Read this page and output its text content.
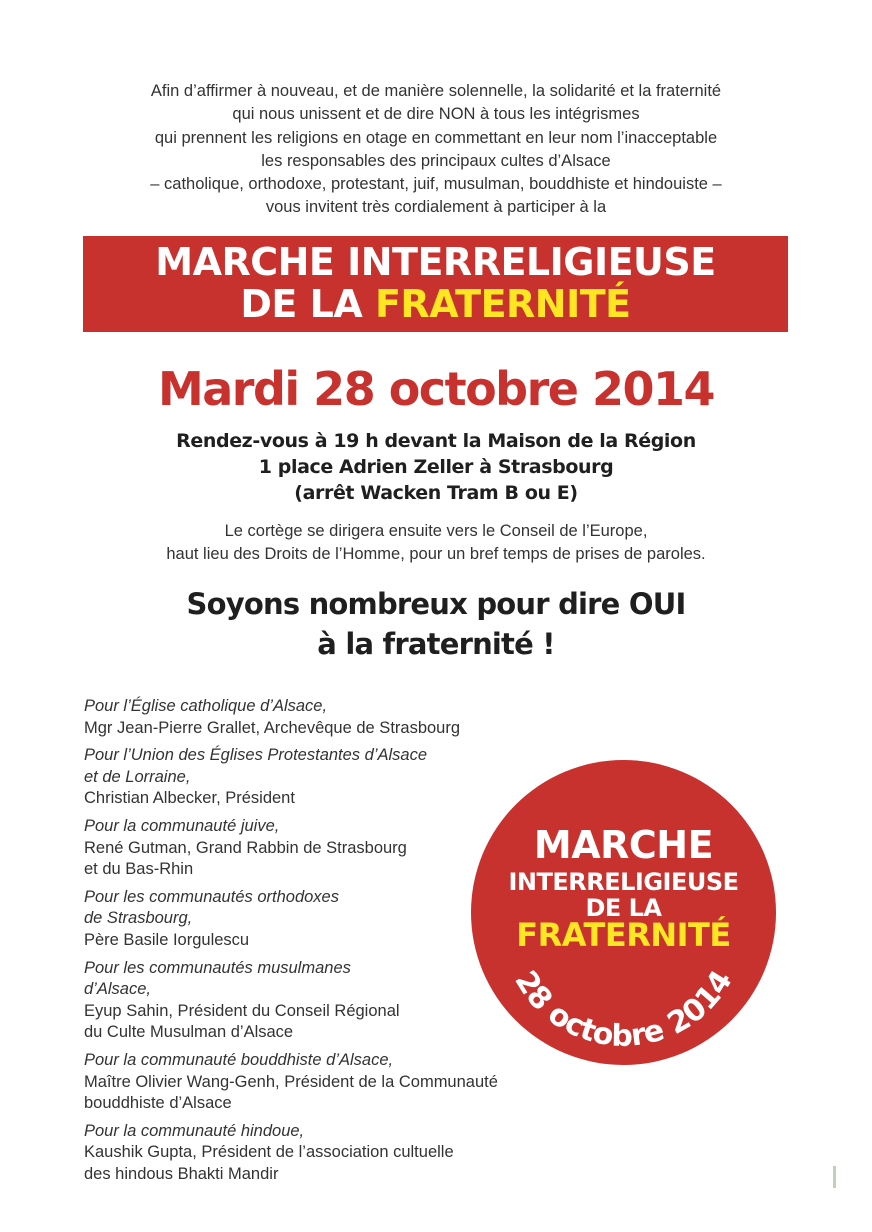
Afin d’affirmer à nouveau, et de manière solennelle, la solidarité et la fraternité
qui nous unissent et de dire NON à tous les intégrismes
qui prennent les religions en otage en commettant en leur nom l’inacceptable
les responsables des principaux cultes d’Alsace
– catholique, orthodoxe, protestant, juif, musulman, bouddhiste et hindouiste –
vous invitent très cordialement à participer à la
MARCHE INTERRELIGIEUSE
DE LA FRATERNITÉ
Mardi 28 octobre 2014
Rendez-vous à 19 h devant la Maison de la Région
1 place Adrien Zeller à Strasbourg
(arrêt Wacken Tram B ou E)
Le cortège se dirigera ensuite vers le Conseil de l’Europe,
haut lieu des Droits de l’Homme, pour un bref temps de prises de paroles.
Soyons nombreux pour dire OUI
à la fraternité !
Pour l’Église catholique d’Alsace,
Mgr Jean-Pierre Grallet, Archevêque de Strasbourg
Pour l’Union des Églises Protestantes d’Alsace
et de Lorraine,
Christian Albecker, Président
Pour la communauté juive,
René Gutman, Grand Rabbin de Strasbourg
et du Bas-Rhin
Pour les communautés orthodoxes
de Strasbourg,
Père Basile Iorgulescu
Pour les communautés musulmanes
d’Alsace,
Eyup Sahin, Président du Conseil Régional
du Culte Musulman d’Alsace
Pour la communauté bouddhiste d’Alsace,
Maître Olivier Wang-Genh, Président de la Communauté
bouddhiste d’Alsace
Pour la communauté hindoue,
Kaushik Gupta, Président de l’association cultuelle
des hindous Bhakti Mandir
MARCHE
INTERRELIGIEUSE
DE LA
FRATERNITÉ
28 octobre 2014
